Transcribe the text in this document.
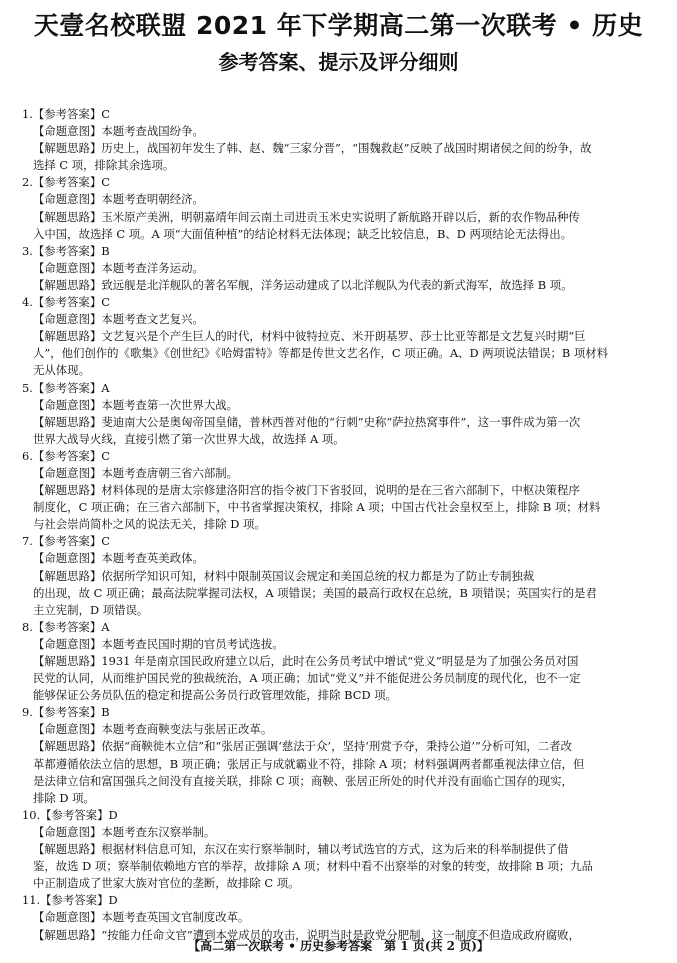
天壹名校联盟 2021 年下学期高二第一次联考 • 历史
参考答案、提示及评分细则
1.【参考答案】C
【命题意图】本题考查战国纷争。
【解题思路】历史上，战国初年发生了韩、赵、魏“三家分晋”，“围魏救赵”反映了战国时期诸侯之间的纷争，故
选择 C 项，排除其余选项。
2.【参考答案】C
【命题意图】本题考查明朝经济。
【解题思路】玉米原产美洲，明朝嘉靖年间云南土司进贡玉米史实说明了新航路开辟以后，新的农作物品种传
入中国，故选择 C 项。A 项“大面值种植”的结论材料无法体现；缺乏比较信息，B、D 两项结论无法得出。
3.【参考答案】B
【命题意图】本题考查洋务运动。
【解题思路】致远舰是北洋舰队的著名军舰，洋务运动建成了以北洋舰队为代表的新式海军，故选择 B 项。
4.【参考答案】C
【命题意图】本题考查文艺复兴。
【解题思路】文艺复兴是个产生巨人的时代，材料中彼特拉克、米开朗基罗、莎士比亚等都是文艺复兴时期“巨
人”，他们创作的《歌集》《创世纪》《哈姆雷特》等都是传世文艺名作，C 项正确。A、D 两项说法错误；B 项材料
无从体现。
5.【参考答案】A
【命题意图】本题考查第一次世界大战。
【解题思路】斐迪南大公是奥匈帝国皇储，普林西普对他的“行刺”史称“萨拉热窝事件”，这一事件成为第一次
世界大战导火线，直接引燃了第一次世界大战，故选择 A 项。
6.【参考答案】C
【命题意图】本题考查唐朝三省六部制。
【解题思路】材料体现的是唐太宗修建洛阳宫的指令被门下省驳回，说明的是在三省六部制下，中枢决策程序
制度化，C 项正确；在三省六部制下，中书省掌握决策权，排除 A 项；中国古代社会皇权至上，排除 B 项；材料
与社会崇尚简朴之风的说法无关，排除 D 项。
7.【参考答案】C
【命题意图】本题考查英美政体。
【解题思路】依据所学知识可知，材料中限制英国议会规定和美国总统的权力都是为了防止专制独裁
的出现，故 C 项正确；最高法院掌握司法权，A 项错误；美国的最高行政权在总统，B 项错误；英国实行的是君
主立宪制，D 项错误。
8.【参考答案】A
【命题意图】本题考查民国时期的官员考试选拔。
【解题思路】1931 年是南京国民政府建立以后，此时在公务员考试中增试“党义”明显是为了加强公务员对国
民党的认同，从而维护国民党的独裁统治，A 项正确；加试“党义”并不能促进公务员制度的现代化，也不一定
能够保证公务员队伍的稳定和提高公务员行政管理效能，排除 BCD 项。
9.【参考答案】B
【命题意图】本题考查商鞅变法与张居正改革。
【解题思路】依据“商鞅徙木立信”和“张居正强调‘慈法于众’，坚持‘刑赏予夺，秉持公道’”分析可知，二者改
革都遵循依法立信的思想，B 项正确；张居正与成就霸业不符，排除 A 项；材料强调两者都重视法律立信，但
是法律立信和富国强兵之间没有直接关联，排除 C 项；商鞅、张居正所处的时代并没有面临亡国存的现实，
排除 D 项。
10.【参考答案】D
【命题意图】本题考查东汉察举制。
【解题思路】根据材料信息可知，东汉在实行察举制时，辅以考试选官的方式，这为后来的科举制提供了借
鉴，故选 D 项；察举制依赖地方官的举荐，故排除 A 项；材料中看不出察举的对象的转变，故排除 B 项；九品
中正制造成了世家大族对官位的垄断，故排除 C 项。
11.【参考答案】D
【命题意图】本题考查英国文官制度改革。
【解题思路】“按能力任命文官”遭到本党成员的攻击，说明当时是政党分肥制，这一制度不但造成政府腐败，
【高二第一次联考 • 历史参考答案　第 1 页(共 2 页)】
